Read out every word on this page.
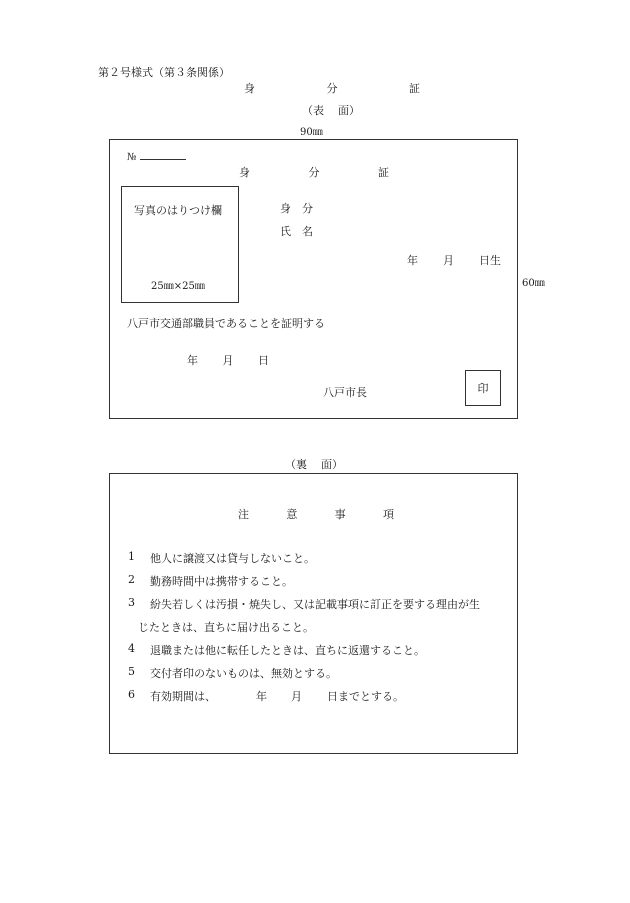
第２号様式（第３条関係）
身	分	証
（表 面）
90㎜
№
身	分	証
写真のはりつけ欄
25㎜×25㎜
身　分
氏　名
年 月 日生
八戸市交通部職員であることを証明する
年 月 日
八戸市長	印
60㎜
（裏 面）
注	意	事	項
1 他人に譲渡又は貸与しないこと。
2 勤務時間中は携帯すること。
3 紛失若しくは汚損・焼失し、又は記載事項に訂正を要する理由が生
じたときは、直ちに届け出ること。
4 退職または他に転任したときは、直ちに返還すること。
5 交付者印のないものは、無効とする。
6 有効期間は、	年 月 日までとする。
